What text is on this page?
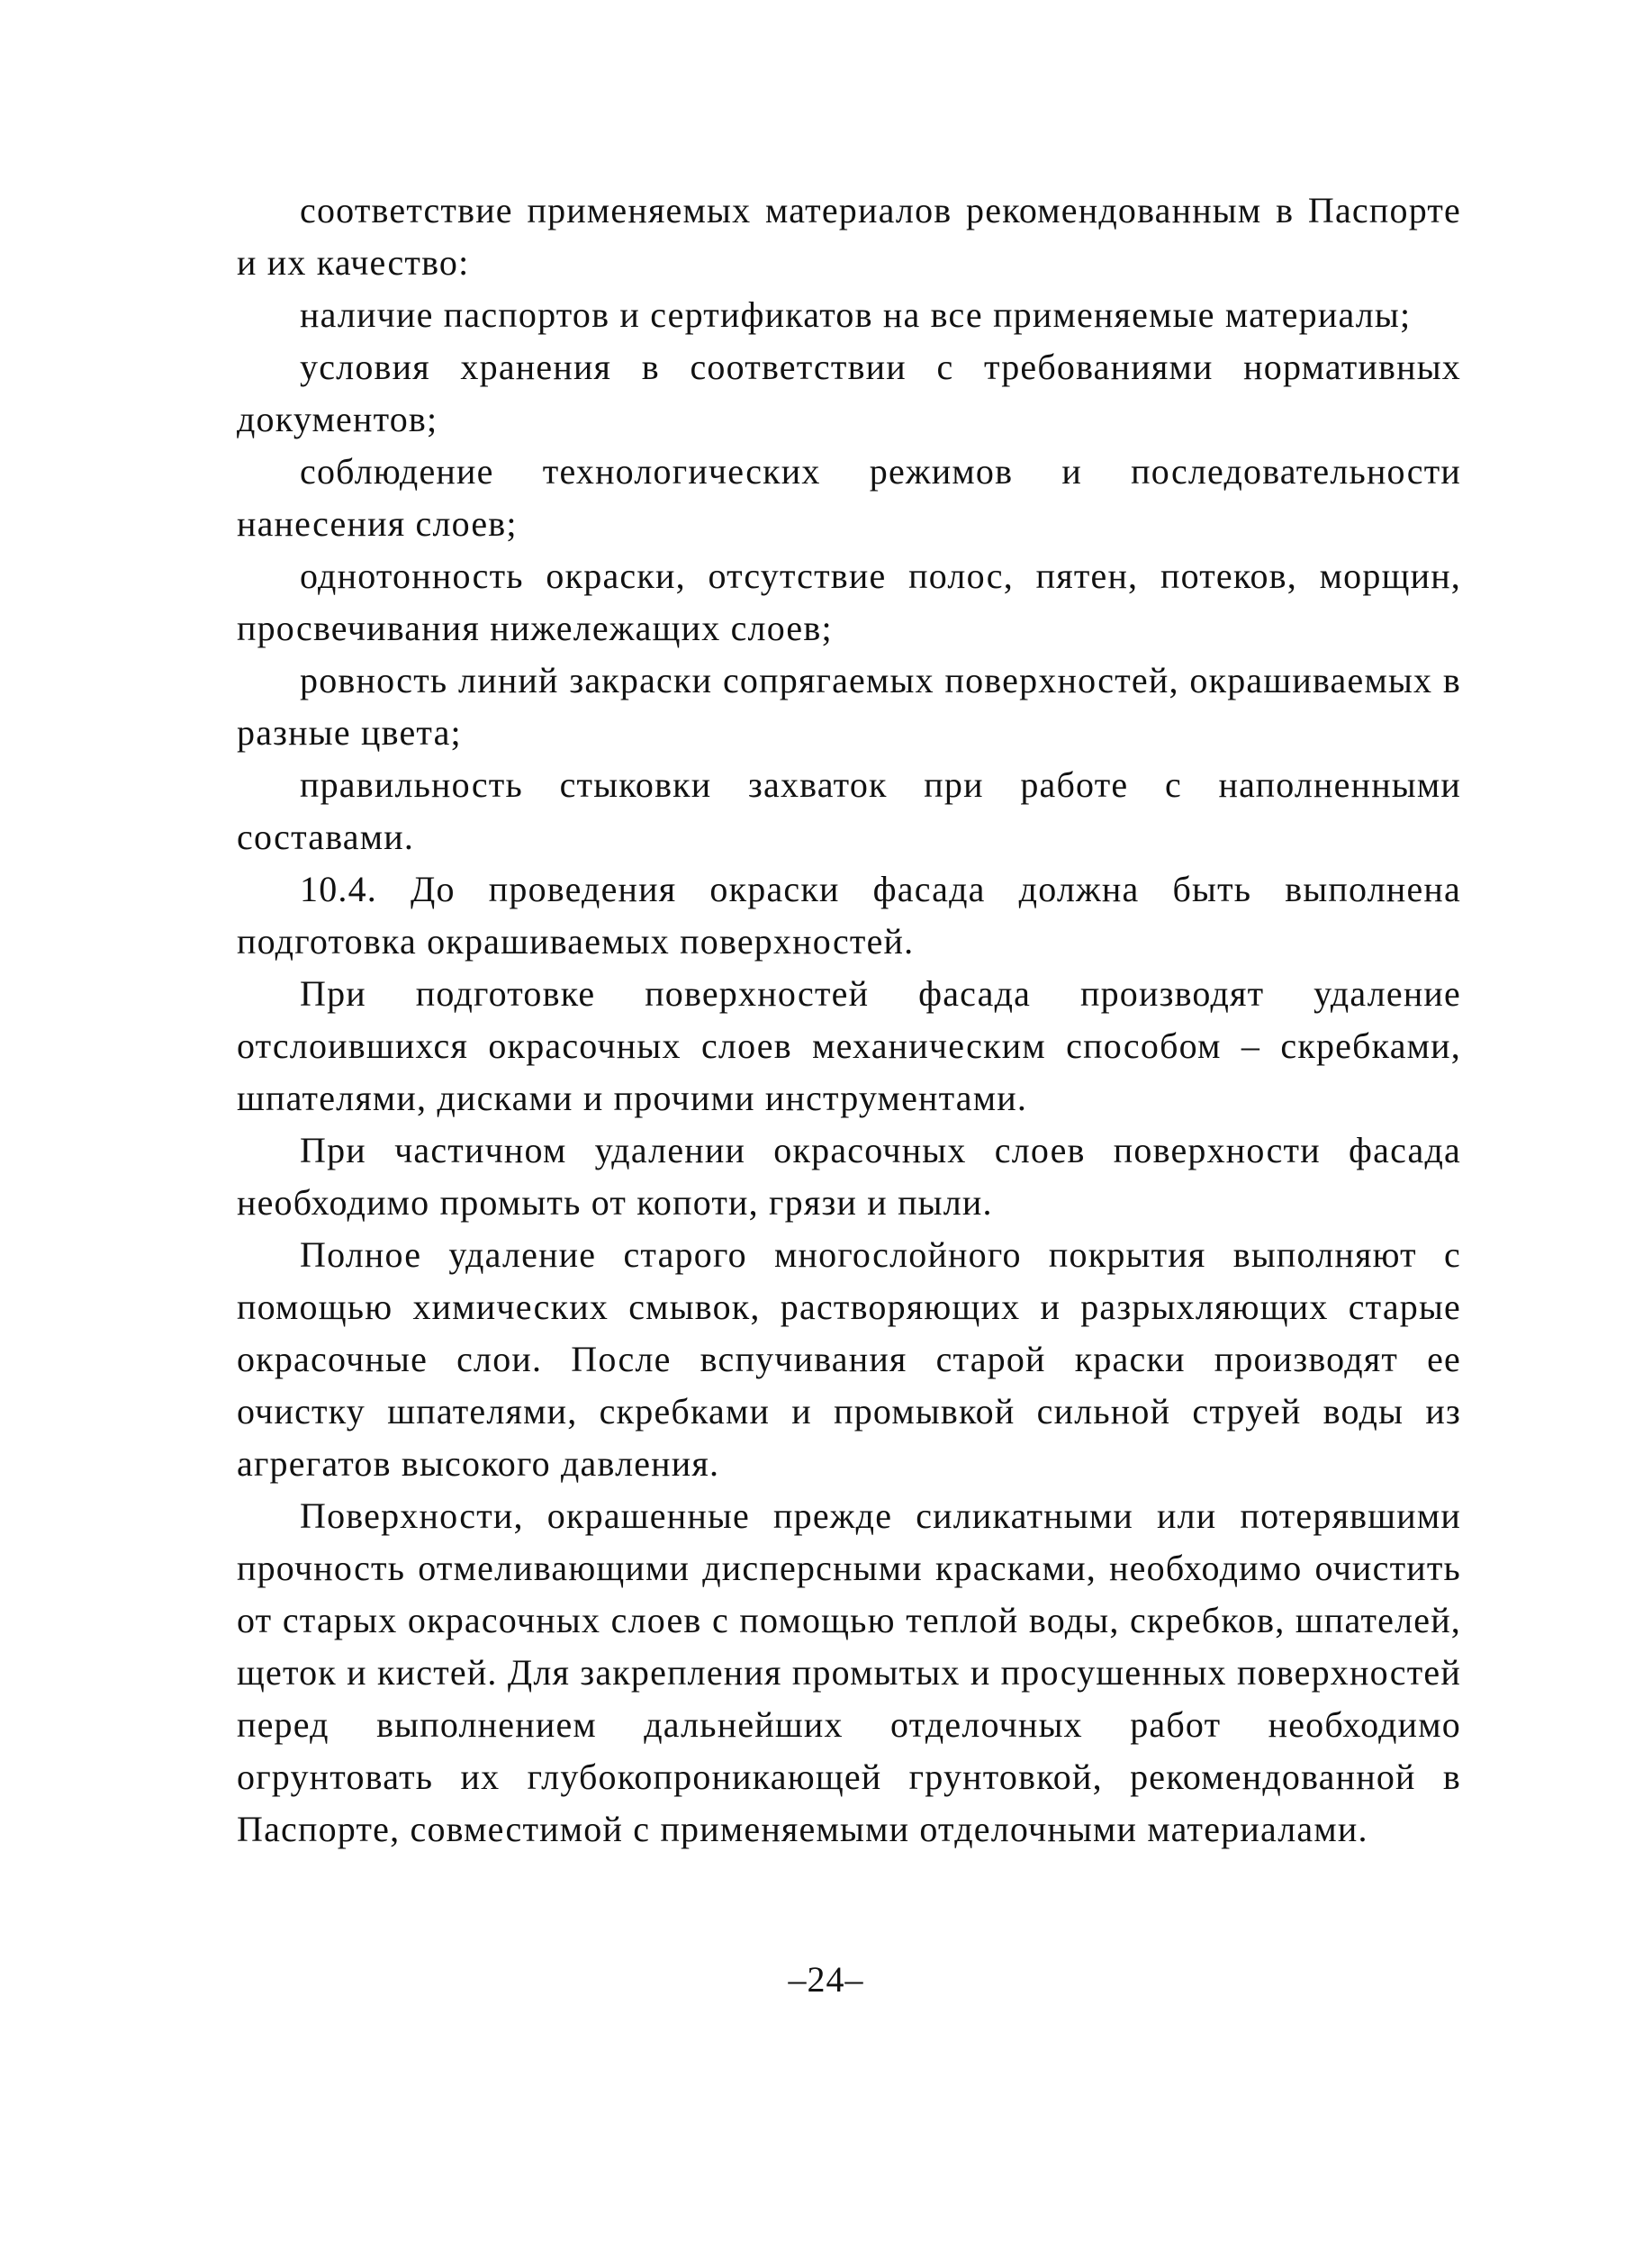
соответствие применяемых материалов рекомендованным в Паспорте и их качество:

наличие паспортов и сертификатов на все применяемые материалы;

условия хранения в соответствии с требованиями нормативных документов;

соблюдение технологических режимов и последовательности нанесения слоев;

однотонность окраски, отсутствие полос, пятен, потеков, морщин, просвечивания нижележащих слоев;

ровность линий закраски сопрягаемых поверхностей, окрашиваемых в разные цвета;

правильность стыковки захваток при работе с наполненными составами.

10.4. До проведения окраски фасада должна быть выполнена подготовка окрашиваемых поверхностей.

При подготовке поверхностей фасада производят удаление отслоившихся окрасочных слоев механическим способом – скребками, шпателями, дисками и прочими инструментами.

При частичном удалении окрасочных слоев поверхности фасада необходимо промыть от копоти, грязи и пыли.

Полное удаление старого многослойного покрытия выполняют с помощью химических смывок, растворяющих и разрыхляющих старые окрасочные слои. После вспучивания старой краски производят ее очистку шпателями, скребками и промывкой сильной струей воды из агрегатов высокого давления.

Поверхности, окрашенные прежде силикатными или потерявшими прочность отмеливающими дисперсными красками, необходимо очистить от старых окрасочных слоев с помощью теплой воды, скребков, шпателей, щеток и кистей. Для закрепления промытых и просушенных поверхностей перед выполнением дальнейших отделочных работ необходимо огрунтовать их глубокопроникающей грунтовкой, рекомендованной в Паспорте, совместимой с применяемыми отделочными материалами.

–24–
